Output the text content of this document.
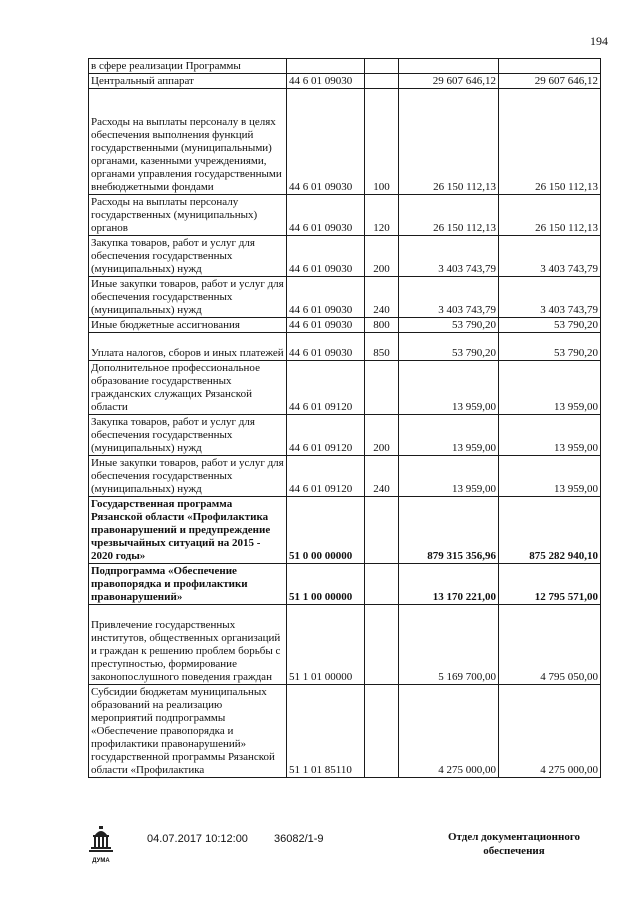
194
в сфере реализации Программы				
Центральный аппарат	44 6 01 09030		29 607 646,12	29 607 646,12
Расходы на выплаты персоналу в целях обеспечения выполнения функций государственными (муниципальными) органами, казенными учреждениями, органами управления государственными внебюджетными фондами	44 6 01 09030	100	26 150 112,13	26 150 112,13
Расходы на выплаты персоналу государственных (муниципальных) органов	44 6 01 09030	120	26 150 112,13	26 150 112,13
Закупка товаров, работ и услуг для обеспечения государственных (муниципальных) нужд	44 6 01 09030	200	3 403 743,79	3 403 743,79
Иные закупки товаров, работ и услуг для обеспечения государственных (муниципальных) нужд	44 6 01 09030	240	3 403 743,79	3 403 743,79
Иные бюджетные ассигнования	44 6 01 09030	800	53 790,20	53 790,20
Уплата налогов, сборов и иных платежей	44 6 01 09030	850	53 790,20	53 790,20
Дополнительное профессиональное образование государственных гражданских служащих Рязанской области	44 6 01 09120		13 959,00	13 959,00
Закупка товаров, работ и услуг для обеспечения государственных (муниципальных) нужд	44 6 01 09120	200	13 959,00	13 959,00
Иные закупки товаров, работ и услуг для обеспечения государственных (муниципальных) нужд	44 6 01 09120	240	13 959,00	13 959,00
Государственная программа Рязанской области «Профилактика правонарушений и предупреждение чрезвычайных ситуаций на 2015 - 2020 годы»	51 0 00 00000		879 315 356,96	875 282 940,10
Подпрограмма «Обеспечение правопорядка и профилактики правонарушений»	51 1 00 00000		13 170 221,00	12 795 571,00
Привлечение государственных институтов, общественных организаций и граждан к решению проблем борьбы с преступностью, формирование законопослушного поведения граждан	51 1 01 00000		5 169 700,00	4 795 050,00
Субсидии бюджетам муниципальных образований на реализацию мероприятий подпрограммы «Обеспечение правопорядка и профилактики правонарушений» государственной программы Рязанской области «Профилактика	51 1 01 85110		4 275 000,00	4 275 000,00
ДУМА
04.07.2017 10:12:00 36082/1-9	Отдел документационного
обеспечения
